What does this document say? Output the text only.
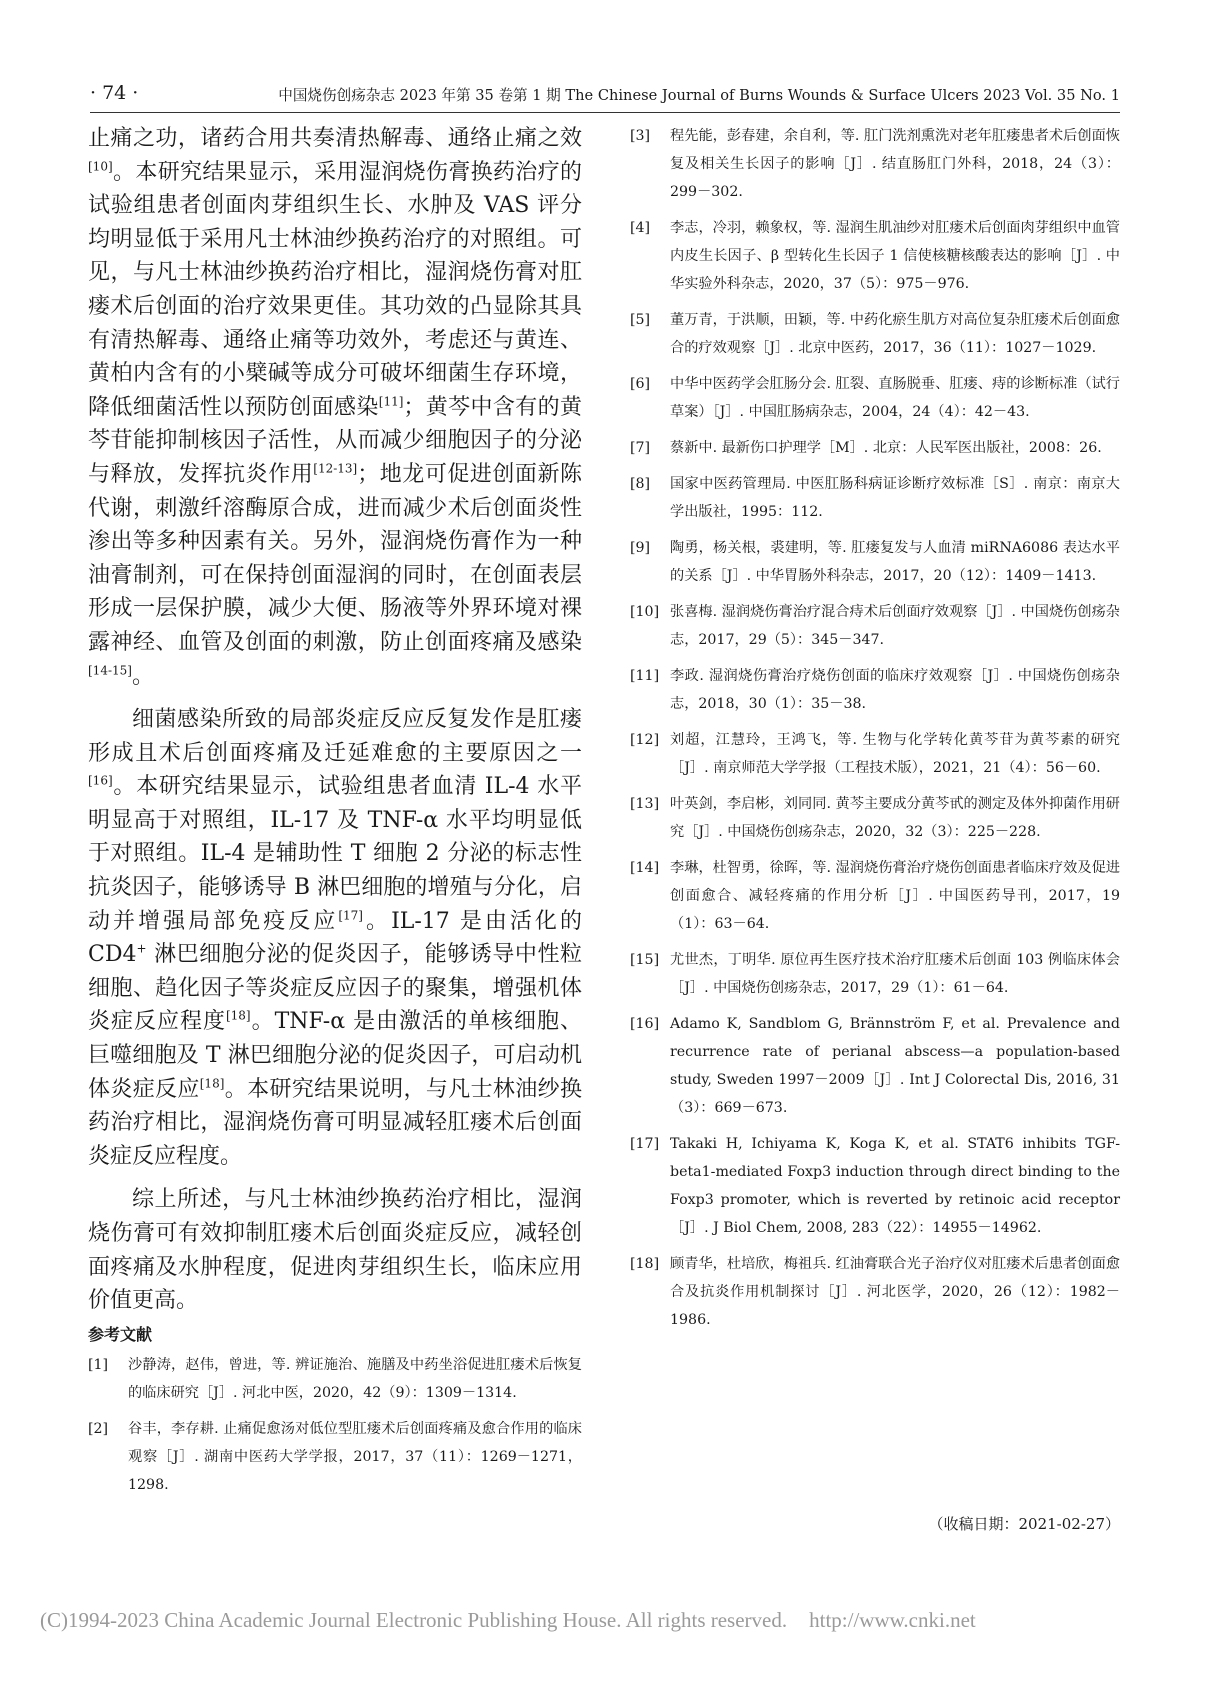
· 74 ·	中国烧伤创疡杂志 2023 年第 35 卷第 1 期 The Chinese Journal of Burns Wounds & Surface Ulcers 2023 Vol. 35 No. 1

止痛之功，诸药合用共奏清热解毒、通络止痛之效[10]。本研究结果显示，采用湿润烧伤膏换药治疗的试验组患者创面肉芽组织生长、水肿及 VAS 评分均明显低于采用凡士林油纱换药治疗的对照组。可见，与凡士林油纱换药治疗相比，湿润烧伤膏对肛瘘术后创面的治疗效果更佳。其功效的凸显除其具有清热解毒、通络止痛等功效外，考虑还与黄连、黄柏内含有的小檗碱等成分可破坏细菌生存环境，降低细菌活性以预防创面感染[11]；黄芩中含有的黄芩苷能抑制核因子活性，从而减少细胞因子的分泌与释放，发挥抗炎作用[12-13]；地龙可促进创面新陈代谢，刺激纤溶酶原合成，进而减少术后创面炎性渗出等多种因素有关。另外，湿润烧伤膏作为一种油膏制剂，可在保持创面湿润的同时，在创面表层形成一层保护膜，减少大便、肠液等外界环境对裸露神经、血管及创面的刺激，防止创面疼痛及感染[14-15]。

细菌感染所致的局部炎症反应反复发作是肛瘘形成且术后创面疼痛及迁延难愈的主要原因之一[16]。本研究结果显示，试验组患者血清 IL-4 水平明显高于对照组，IL-17 及 TNF-α 水平均明显低于对照组。IL-4 是辅助性 T 细胞 2 分泌的标志性抗炎因子，能够诱导 B 淋巴细胞的增殖与分化，启动并增强局部免疫反应[17]。IL-17 是由活化的 CD4+ 淋巴细胞分泌的促炎因子，能够诱导中性粒细胞、趋化因子等炎症反应因子的聚集，增强机体炎症反应程度[18]。TNF-α 是由激活的单核细胞、巨噬细胞及 T 淋巴细胞分泌的促炎因子，可启动机体炎症反应[18]。本研究结果说明，与凡士林油纱换药治疗相比，湿润烧伤膏可明显减轻肛瘘术后创面炎症反应程度。

综上所述，与凡士林油纱换药治疗相比，湿润烧伤膏可有效抑制肛瘘术后创面炎症反应，减轻创面疼痛及水肿程度，促进肉芽组织生长，临床应用价值更高。

参考文献
[1] 沙静涛，赵伟，曾进，等. 辨证施治、施膳及中药坐浴促进肛瘘术后恢复的临床研究［J］. 河北中医，2020，42（9）：1309－1314.
[2] 谷丰，李存耕. 止痛促愈汤对低位型肛瘘术后创面疼痛及愈合作用的临床观察［J］. 湖南中医药大学学报，2017，37（11）：1269－1271，1298.
[3] 程先能，彭春建，余自利，等. 肛门洗剂熏洗对老年肛瘘患者术后创面恢复及相关生长因子的影响［J］. 结直肠肛门外科，2018，24（3）：299－302.
[4] 李志，冷羽，赖象权，等. 湿润生肌油纱对肛瘘术后创面肉芽组织中血管内皮生长因子、β 型转化生长因子 1 信使核糖核酸表达的影响［J］. 中华实验外科杂志，2020，37（5）：975－976.
[5] 董万青，于洪顺，田颖，等. 中药化瘀生肌方对高位复杂肛瘘术后创面愈合的疗效观察［J］. 北京中医药，2017，36（11）：1027－1029.
[6] 中华中医药学会肛肠分会. 肛裂、直肠脱垂、肛瘘、痔的诊断标准（试行草案）［J］. 中国肛肠病杂志，2004，24（4）：42－43.
[7] 蔡新中. 最新伤口护理学［M］. 北京：人民军医出版社，2008：26.
[8] 国家中医药管理局. 中医肛肠科病证诊断疗效标准［S］. 南京：南京大学出版社，1995：112.
[9] 陶勇，杨关根，裘建明，等. 肛瘘复发与人血清 miRNA6086 表达水平的关系［J］. 中华胃肠外科杂志，2017，20（12）：1409－1413.
[10] 张喜梅. 湿润烧伤膏治疗混合痔术后创面疗效观察［J］. 中国烧伤创疡杂志，2017，29（5）：345－347.
[11] 李政. 湿润烧伤膏治疗烧伤创面的临床疗效观察［J］. 中国烧伤创疡杂志，2018，30（1）：35－38.
[12] 刘超，江慧玲，王鸿飞，等. 生物与化学转化黄芩苷为黄芩素的研究［J］. 南京师范大学学报（工程技术版），2021，21（4）：56－60.
[13] 叶英剑，李启彬，刘同同. 黄芩主要成分黄芩甙的测定及体外抑菌作用研究［J］. 中国烧伤创疡杂志，2020，32（3）：225－228.
[14] 李琳，杜智勇，徐晖，等. 湿润烧伤膏治疗烧伤创面患者临床疗效及促进创面愈合、减轻疼痛的作用分析［J］. 中国医药导刊，2017，19（1）：63－64.
[15] 尤世杰，丁明华. 原位再生医疗技术治疗肛瘘术后创面 103 例临床体会［J］. 中国烧伤创疡杂志，2017，29（1）：61－64.
[16] Adamo K, Sandblom G, Brännström F, et al. Prevalence and recurrence rate of perianal abscess—a population-based study, Sweden 1997－2009［J］. Int J Colorectal Dis, 2016, 31（3）：669－673.
[17] Takaki H, Ichiyama K, Koga K, et al. STAT6 inhibits TGF-beta1-mediated Foxp3 induction through direct binding to the Foxp3 promoter, which is reverted by retinoic acid receptor［J］. J Biol Chem, 2008, 283（22）：14955－14962.
[18] 顾青华，杜培欣，梅祖兵. 红油膏联合光子治疗仪对肛瘘术后患者创面愈合及抗炎作用机制探讨［J］. 河北医学，2020，26（12）：1982－1986.
（收稿日期：2021-02-27）
(C)1994-2023 China Academic Journal Electronic Publishing House. All rights reserved. http://www.cnki.net
